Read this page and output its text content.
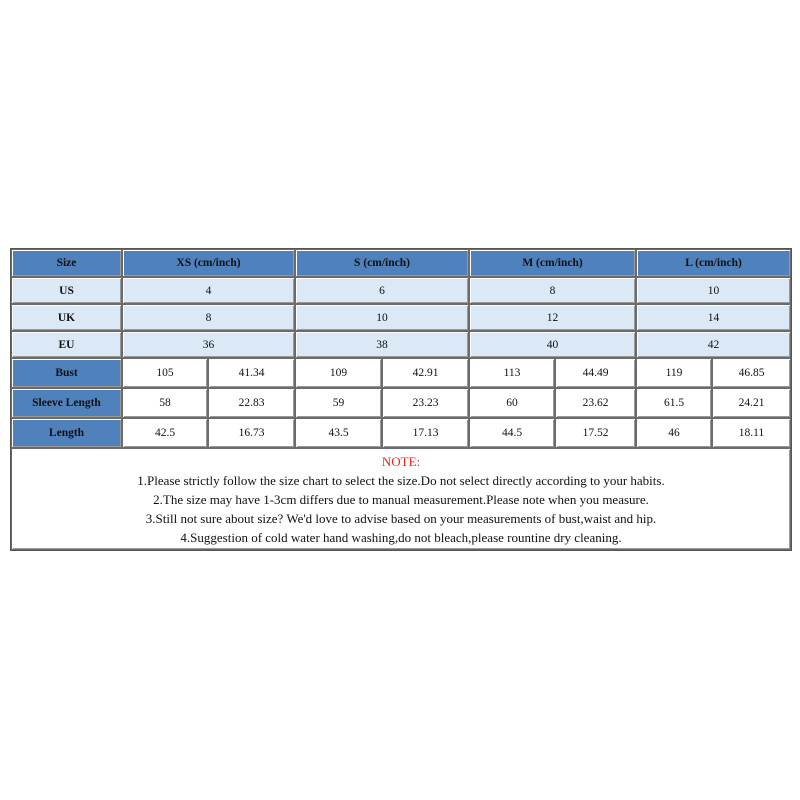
Size	XS (cm/inch)		S (cm/inch)		M (cm/inch)		L (cm/inch)	
US	4		6		8		10	
UK	8		10		12		14	
EU	36		38		40		42	
Bust	105	41.34	109	42.91	113	44.49	119	46.85
Sleeve Length	58	22.83	59	23.23	60	23.62	61.5	24.21
Length	42.5	16.73	43.5	17.13	44.5	17.52	46	18.11

NOTE:
1.Please strictly follow the size chart to select the size.Do not select directly according to your habits.
2.The size may have 1-3cm differs due to manual measurement.Please note when you measure.
3.Still not sure about size? We'd love to advise based on your measurements of bust,waist and hip.
4.Suggestion of cold water hand washing,do not bleach,please rountine dry cleaning.								
